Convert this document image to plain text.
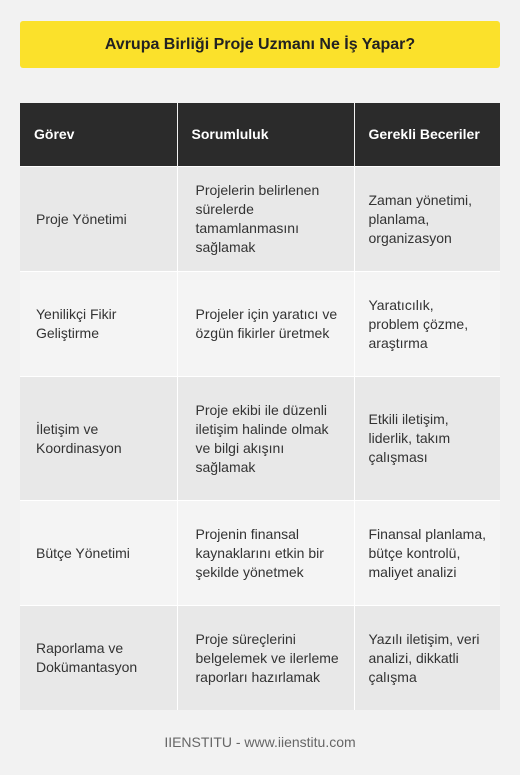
Avrupa Birliği Proje Uzmanı Ne İş Yapar?
Görev	Sorumluluk	Gerekli Beceriler
Proje Yönetimi	Projelerin belirlenen sürelerde tamamlanmasını sağlamak	Zaman yönetimi, planlama, organizasyon
Yenilikçi Fikir Geliştirme	Projeler için yaratıcı ve özgün fikirler üretmek	Yaratıcılık, problem çözme, araştırma
İletişim ve Koordinasyon	Proje ekibi ile düzenli iletişim halinde olmak ve bilgi akışını sağlamak	Etkili iletişim, liderlik, takım çalışması
Bütçe Yönetimi	Projenin finansal kaynaklarını etkin bir şekilde yönetmek	Finansal planlama, bütçe kontrolü, maliyet analizi
Raporlama ve Dokümantasyon	Proje süreçlerini belgelemek ve ilerleme raporları hazırlamak	Yazılı iletişim, veri analizi, dikkatli çalışma
IIENSTITU - www.iienstitu.com
